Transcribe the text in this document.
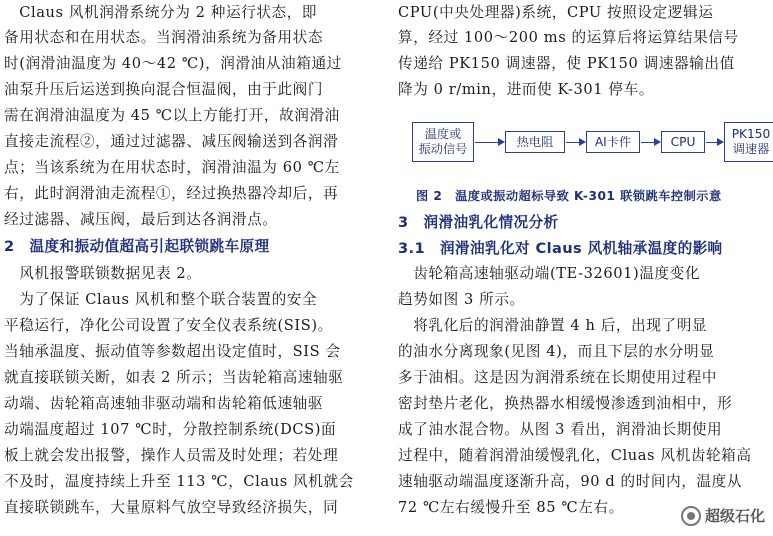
　Claus 风机润滑系统分为 2 种运行状态，即
备用状态和在用状态。当润滑油系统为备用状态
时(润滑油温度为 40～42 ℃)，润滑油从油箱通过
油泵升压后运送到换向混合恒温阀，由于此阀门
需在润滑油温度为 45 ℃以上方能打开，故润滑油
直接走流程②，通过过滤器、减压阀输送到各润滑
点；当该系统为在用状态时，润滑油温为 60 ℃左
右，此时润滑油走流程①，经过换热器冷却后，再
经过滤器、减压阀，最后到达各润滑点。
2　温度和振动值超高引起联锁跳车原理
　风机报警联锁数据见表 2。
　为了保证 Claus 风机和整个联合装置的安全
平稳运行，净化公司设置了安全仪表系统(SIS)。
当轴承温度、振动值等参数超出设定值时，SIS 会
就直接联锁关断，如表 2 所示；当齿轮箱高速轴驱
动端、齿轮箱高速轴非驱动端和齿轮箱低速轴驱
动端温度超过 107 ℃时，分散控制系统(DCS)面
板上就会发出报警，操作人员需及时处理；若处理
不及时，温度持续上升至 113 ℃，Claus 风机就会
直接联锁跳车，大量原料气放空导致经济损失，同
CPU(中央处理器)系统，CPU 按照设定逻辑运
算，经过 100～200 ms 的运算后将运算结果信号
传递给 PK150 调速器，使 PK150 调速器输出值
降为 0 r/min，进而使 K-301 停车。
温度或
振动信号
热电阻	AI卡件	CPU
PK150
调速器
图 2　温度或振动超标导致 K-301 联锁跳车控制示意
3　润滑油乳化情况分析
3.1　润滑油乳化对 Claus 风机轴承温度的影响
　齿轮箱高速轴驱动端(TE-32601)温度变化
趋势如图 3 所示。
　将乳化后的润滑油静置 4 h 后，出现了明显
的油水分离现象(见图 4)，而且下层的水分明显
多于油相。这是因为润滑系统在长期使用过程中
密封垫片老化，换热器水相缓慢渗透到油相中，形
成了油水混合物。从图 3 看出，润滑油长期使用
过程中，随着润滑油缓慢乳化，Cluas 风机齿轮箱高
速轴驱动端温度逐渐升高，90 d 的时间内，温度从
72 ℃左右缓慢升至 85 ℃左右。	超级石化
